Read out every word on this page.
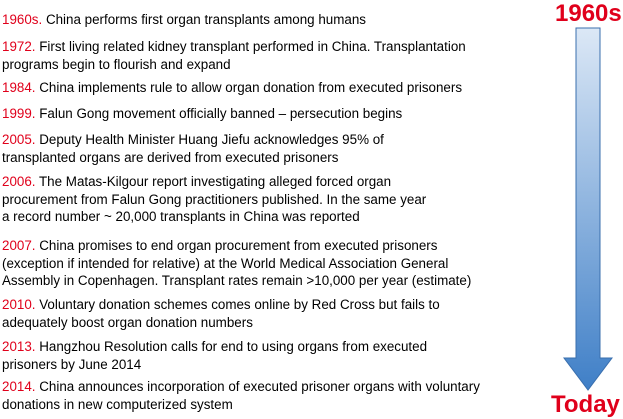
1960s. China performs first organ transplants among humans
1972. First living related kidney transplant performed in China. Transplantation
programs begin to flourish and expand
1984. China implements rule to allow organ donation from executed prisoners
1999. Falun Gong movement officially banned – persecution begins
2005. Deputy Health Minister Huang Jiefu acknowledges 95% of
transplanted organs are derived from executed prisoners
2006. The Matas-Kilgour report investigating alleged forced organ
procurement from Falun Gong practitioners published. In the same year
a record number ~ 20,000 transplants in China was reported
2007. China promises to end organ procurement from executed prisoners
(exception if intended for relative) at the World Medical Association General
Assembly in Copenhagen. Transplant rates remain >10,000 per year (estimate)
2010. Voluntary donation schemes comes online by Red Cross but fails to
adequately boost organ donation numbers
2013. Hangzhou Resolution calls for end to using organs from executed
prisoners by June 2014
2014. China announces incorporation of executed prisoner organs with voluntary
donations in new computerized system
1960s
Today
